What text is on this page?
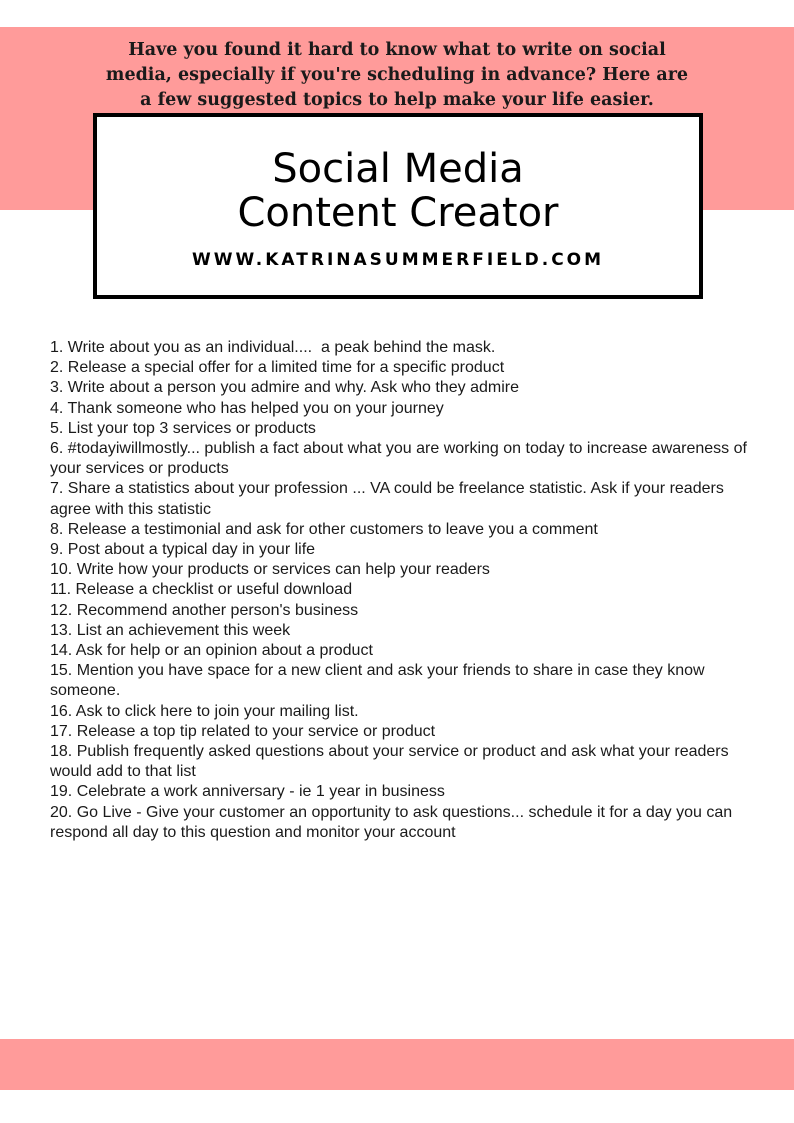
Have you found it hard to know what to write on social media, especially if you're scheduling in advance? Here are a few suggested topics to help make your life easier.

Social Media
Content Creator
WWW.KATRINASUMMERFIELD.COM
1. Write about you as an individual....  a peak behind the mask.
2. Release a special offer for a limited time for a specific product
3. Write about a person you admire and why. Ask who they admire
4. Thank someone who has helped you on your journey
5. List your top 3 services or products
6. #todayiwillmostly... publish a fact about what you are working on today to increase awareness of your services or products
7. Share a statistics about your profession ... VA could be freelance statistic. Ask if your readers agree with this statistic
8. Release a testimonial and ask for other customers to leave you a comment
9. Post about a typical day in your life
10. Write how your products or services can help your readers
11. Release a checklist or useful download
12. Recommend another person's business
13. List an achievement this week
14. Ask for help or an opinion about a product
15. Mention you have space for a new client and ask your friends to share in case they know someone.
16. Ask to click here to join your mailing list.
17. Release a top tip related to your service or product
18. Publish frequently asked questions about your service or product and ask what your readers would add to that list
19. Celebrate a work anniversary - ie 1 year in business
20. Go Live - Give your customer an opportunity to ask questions... schedule it for a day you can respond all day to this question and monitor your account
